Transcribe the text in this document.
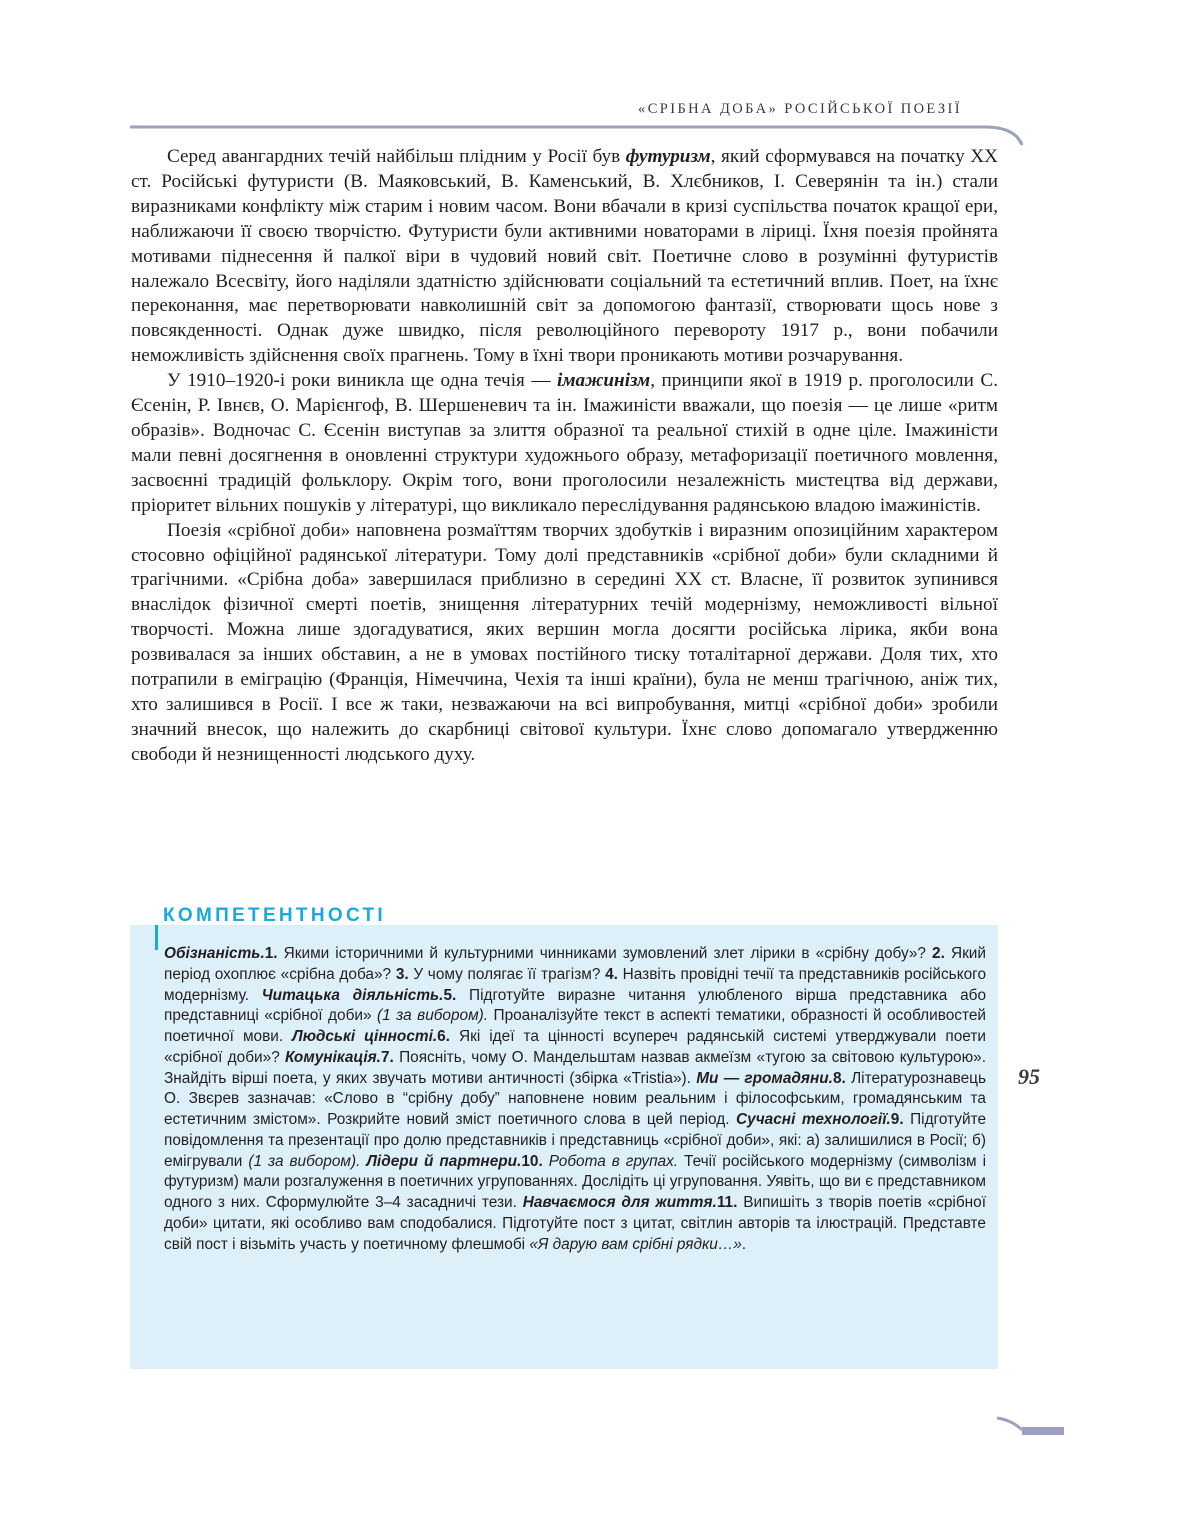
«СРІБНА ДОБА» РОСІЙСЬКОЇ ПОЕЗІЇ

Серед авангардних течій найбільш плідним у Росії був футуризм, який сформувався на початку XX ст. Російські футуристи (В. Маяковський, В. Каменський, В. Хлєбников, І. Северянін та ін.) стали виразниками конфлікту між старим і новим часом. Вони вбачали в кризі суспільства початок кращої ери, наближаючи її своєю творчістю. Футуристи були активними новаторами в ліриці. Їхня поезія пройнята мотивами піднесення й палкої віри в чудовий новий світ. Поетичне слово в розумінні футуристів належало Всесвіту, його наділяли здатністю здійснювати соціальний та естетичний вплив. Поет, на їхнє переконання, має перетворювати навколишній світ за допомогою фантазії, створювати щось нове з повсякденності. Однак дуже швидко, після революційного перевороту 1917 р., вони побачили неможливість здійснення своїх прагнень. Тому в їхні твори проникають мотиви розчарування.

У 1910–1920-і роки виникла ще одна течія — імажинізм, принципи якої в 1919 р. проголосили С. Єсенін, Р. Івнєв, О. Марієнгоф, В. Шершеневич та ін. Імажиністи вважали, що поезія — це лише «ритм образів». Водночас С. Єсенін виступав за злиття образної та реальної стихій в одне ціле. Імажиністи мали певні досягнення в оновленні структури художнього образу, метафоризації поетичного мовлення, засвоєнні традицій фольклору. Окрім того, вони проголосили незалежність мистецтва від держави, пріоритет вільних пошуків у літературі, що викликало переслідування радянською владою імажиністів.

Поезія «срібної доби» наповнена розмаїттям творчих здобутків і виразним опозиційним характером стосовно офіційної радянської літератури. Тому долі представників «срібної доби» були складними й трагічними. «Срібна доба» завершилася приблизно в середині XX ст. Власне, її розвиток зупинився внаслідок фізичної смерті поетів, знищення літературних течій модернізму, неможливості вільної творчості. Можна лише здогадуватися, яких вершин могла досягти російська лірика, якби вона розвивалася за інших обставин, а не в умовах постійного тиску тоталітарної держави. Доля тих, хто потрапили в еміграцію (Франція, Німеччина, Чехія та інші країни), була не менш трагічною, аніж тих, хто залишився в Росії. І все ж таки, незважаючи на всі випробування, митці «срібної доби» зробили значний внесок, що належить до скарбниці світової культури. Їхнє слово допомагало утвердженню свободи й незнищенності людського духу.

КОМПЕТЕНТНОСТІ
Обізнаність.1. Якими історичними й культурними чинниками зумовлений злет лірики в «срібну добу»? 2. Який період охоплює «срібна доба»? 3. У чому полягає її трагізм? 4. Назвіть провідні течії та представників російського модернізму. Читацька діяльність.5. Підготуйте виразне читання улюбленого вірша представника або представниці «срібної доби» (1 за вибором). Проаналізуйте текст в аспекті тематики, образності й особливостей поетичної мови. Людські цінності.6. Які ідеї та цінності всупереч радянській системі утверджували поети «срібної доби»? Комунікація.7. Поясніть, чому О. Мандельштам назвав акмеїзм «тугою за світовою культурою». Знайдіть вірші поета, у яких звучать мотиви античності (збірка «Tristia»). Ми — громадяни.8. Літературознавець О. Звєрев зазначав: «Слово в “срібну добу” наповнене новим реальним і філософським, громадянським та естетичним змістом». Розкрийте новий зміст поетичного слова в цей період. Сучасні технології.9. Підготуйте повідомлення та презентації про долю представників і представниць «срібної доби», які: а) залишилися в Росії; б) емігрували (1 за вибором). Лідери й партнери.10. Робота в групах. Течії російського модернізму (символізм і футуризм) мали розгалуження в поетичних угрупованнях. Дослідіть ці угруповання. Уявіть, що ви є представником одного з них. Сформулюйте 3–4 засадничі тези. Навчаємося для життя.11. Випишіть з творів поетів «срібної доби» цитати, які особливо вам сподобалися. Підготуйте пост з цитат, світлин авторів та ілюстрацій. Представте свій пост і візьміть участь у поетичному флешмобі «Я дарую вам срібні рядки…».
95
